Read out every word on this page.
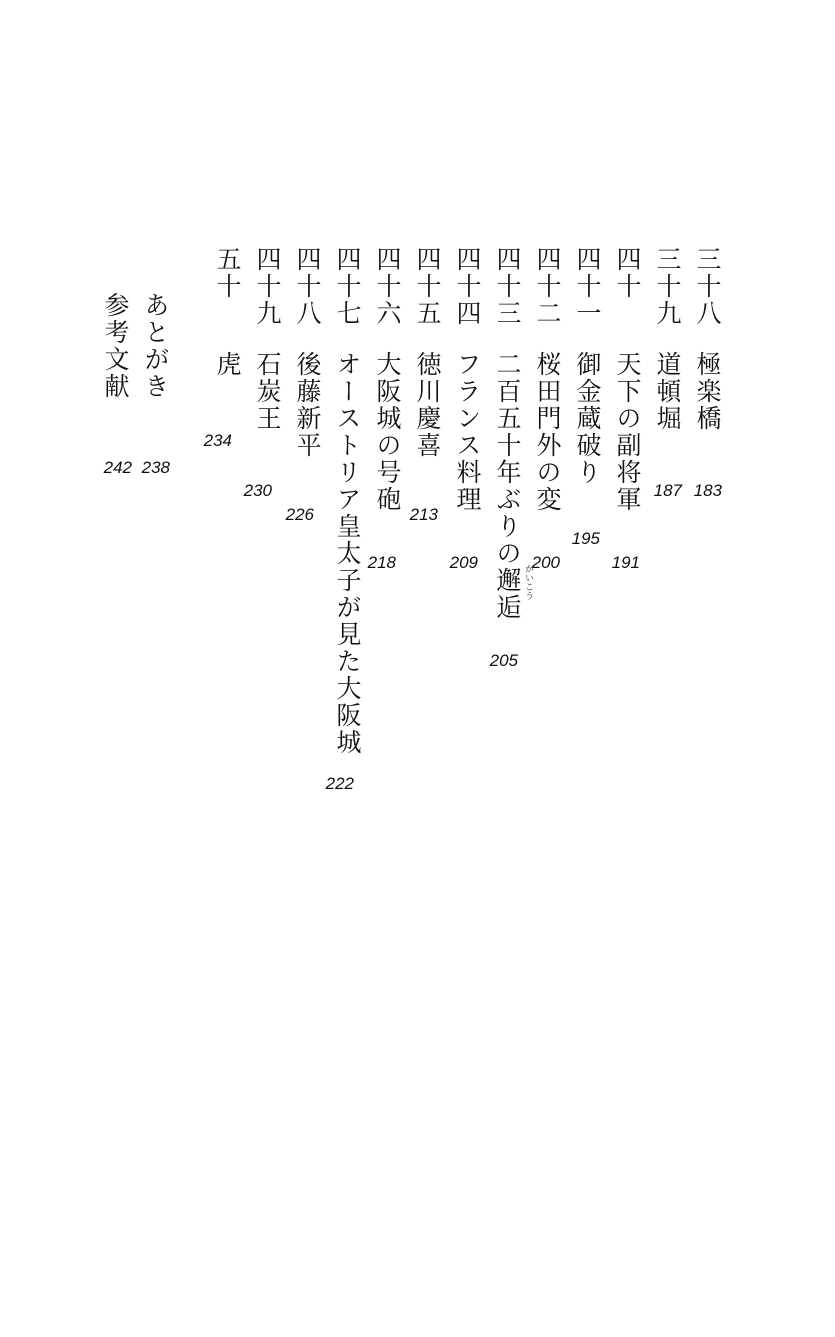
三十八
極楽橋
183
三十九
道頓堀
187
四十
天下の副将軍
191
四十一
御金蔵破り
195
四十二
桜田門外の変
200
四十三
二百五十年ぶりの邂逅 かいこう
205
四十四
フランス料理
209
四十五
徳川慶喜
213
四十六
大阪城の号砲
218
四十七
オーストリア皇太子が見た大阪城
222
四十八
後藤新平
226
四十九
石炭王
230
五十
虎
234
あとがき
238
参考文献
242
